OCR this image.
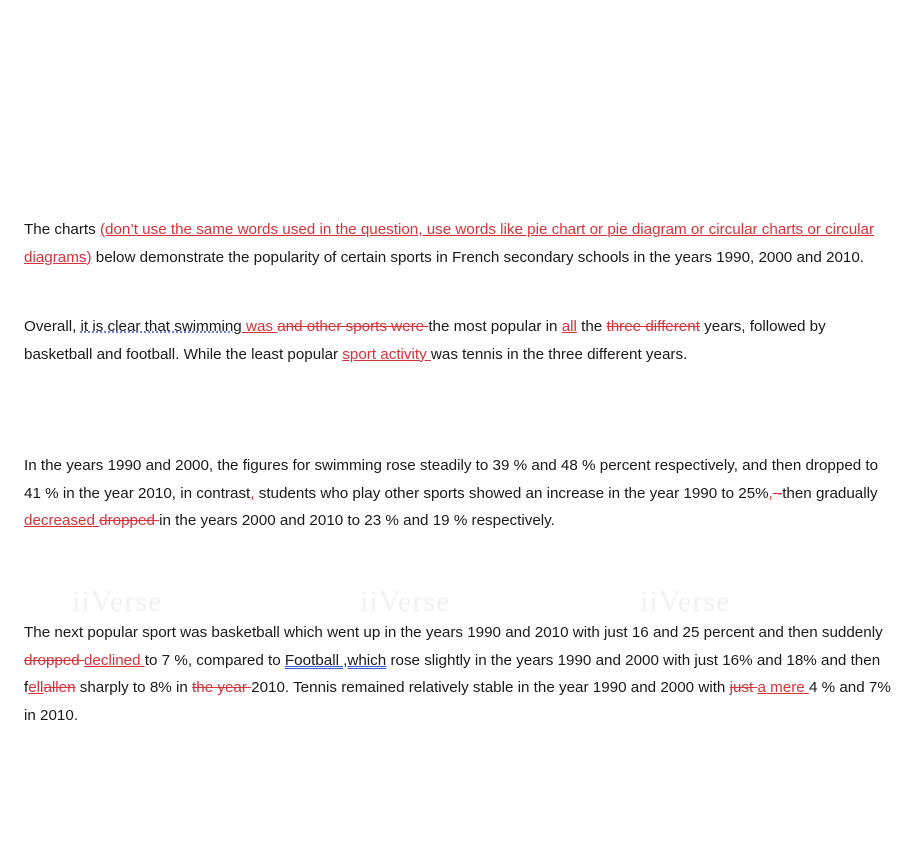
iiVerse	iiVerse	iiVerse

The charts (don’t use the same words used in the question, use words like pie chart or pie diagram or circular charts or circular diagrams) below demonstrate the popularity of certain sports in French secondary schools in the years 1990, 2000 and 2010.

Overall, it is clear that swimming was and other sports were the most popular in all the three different years, followed by basketball and football. While the least popular sport activity was tennis in the three different years.

In the years 1990 and 2000, the figures for swimming rose steadily to 39 % and 48 % percent respectively, and then dropped to 41 % in the year 2010, in contrast, students who play other sports showed an increase in the year 1990 to 25%, -then gradually decreased dropped in the years 2000 and 2010 to 23 % and 19 % respectively.

The next popular sport was basketball which went up in the years 1990 and 2010 with just 16 and 25 percent and then suddenly dropped declined to 7 %, compared to Football ,which rose slightly in the years 1990 and 2000 with just 16% and 18% and then fellallen sharply to 8% in the year 2010. Tennis remained relatively stable in the year 1990 and 2000 with just a mere 4 % and 7% in 2010.
